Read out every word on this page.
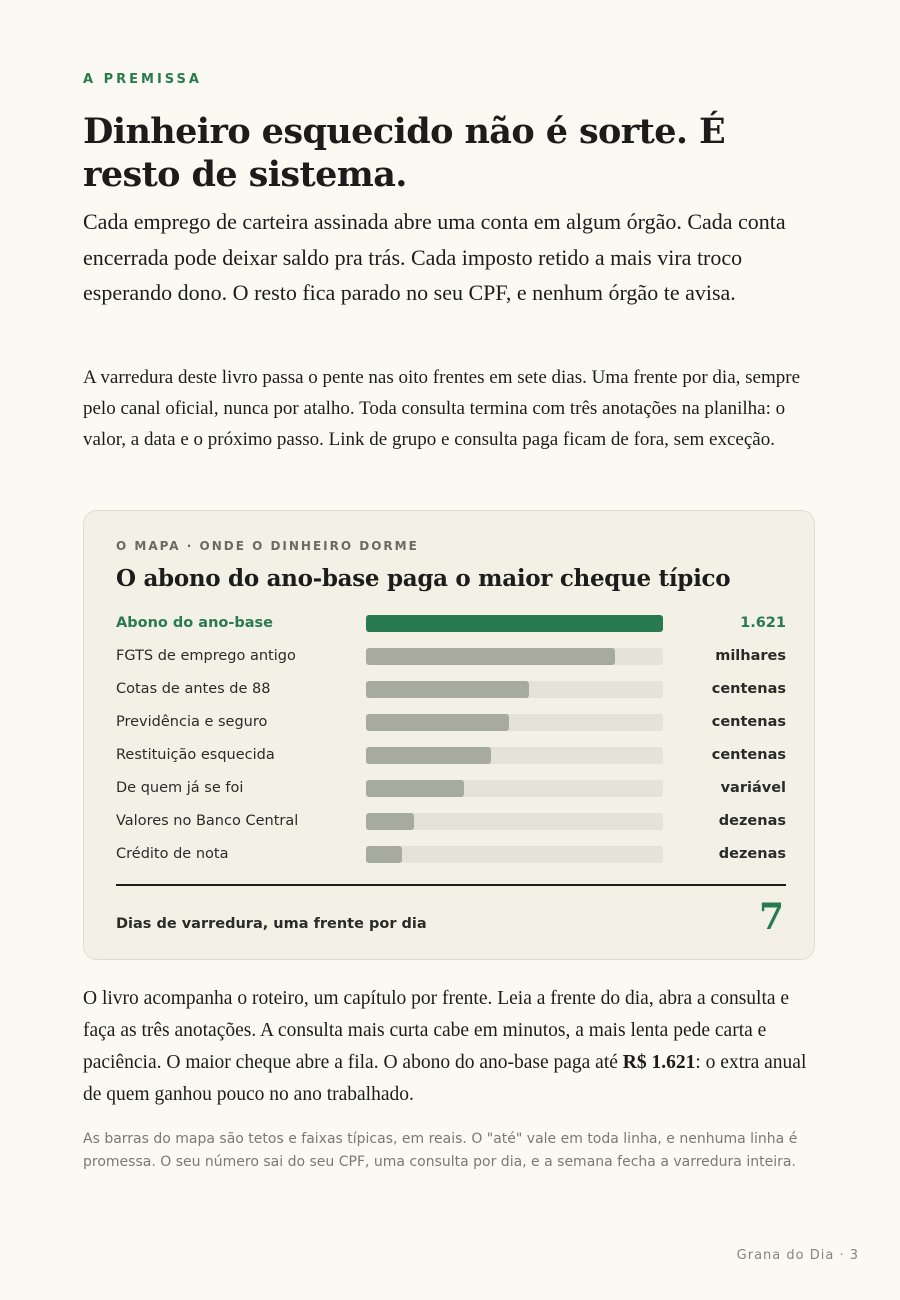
A PREMISSA
Dinheiro esquecido não é sorte. É resto de sistema.

Cada emprego de carteira assinada abre uma conta em algum órgão. Cada conta encerrada pode deixar saldo pra trás. Cada imposto retido a mais vira troco esperando dono. O resto fica parado no seu CPF, e nenhum órgão te avisa.

A varredura deste livro passa o pente nas oito frentes em sete dias. Uma frente por dia, sempre pelo canal oficial, nunca por atalho. Toda consulta termina com três anotações na planilha: o valor, a data e o próximo passo. Link de grupo e consulta paga ficam de fora, sem exceção.

O MAPA · ONDE O DINHEIRO DORME
O abono do ano-base paga o maior cheque típico
Abono do ano-base	1.621
FGTS de emprego antigo	milhares
Cotas de antes de 88	centenas
Previdência e seguro	centenas
Restituição esquecida	centenas
De quem já se foi	variável
Valores no Banco Central	dezenas
Crédito de nota	dezenas
Dias de varredura, uma frente por dia	7

O livro acompanha o roteiro, um capítulo por frente. Leia a frente do dia, abra a consulta e faça as três anotações. A consulta mais curta cabe em minutos, a mais lenta pede carta e paciência. O maior cheque abre a fila. O abono do ano-base paga até R$ 1.621: o extra anual de quem ganhou pouco no ano trabalhado.

As barras do mapa são tetos e faixas típicas, em reais. O "até" vale em toda linha, e nenhuma linha é promessa. O seu número sai do seu CPF, uma consulta por dia, e a semana fecha a varredura inteira.

Grana do Dia · 3
